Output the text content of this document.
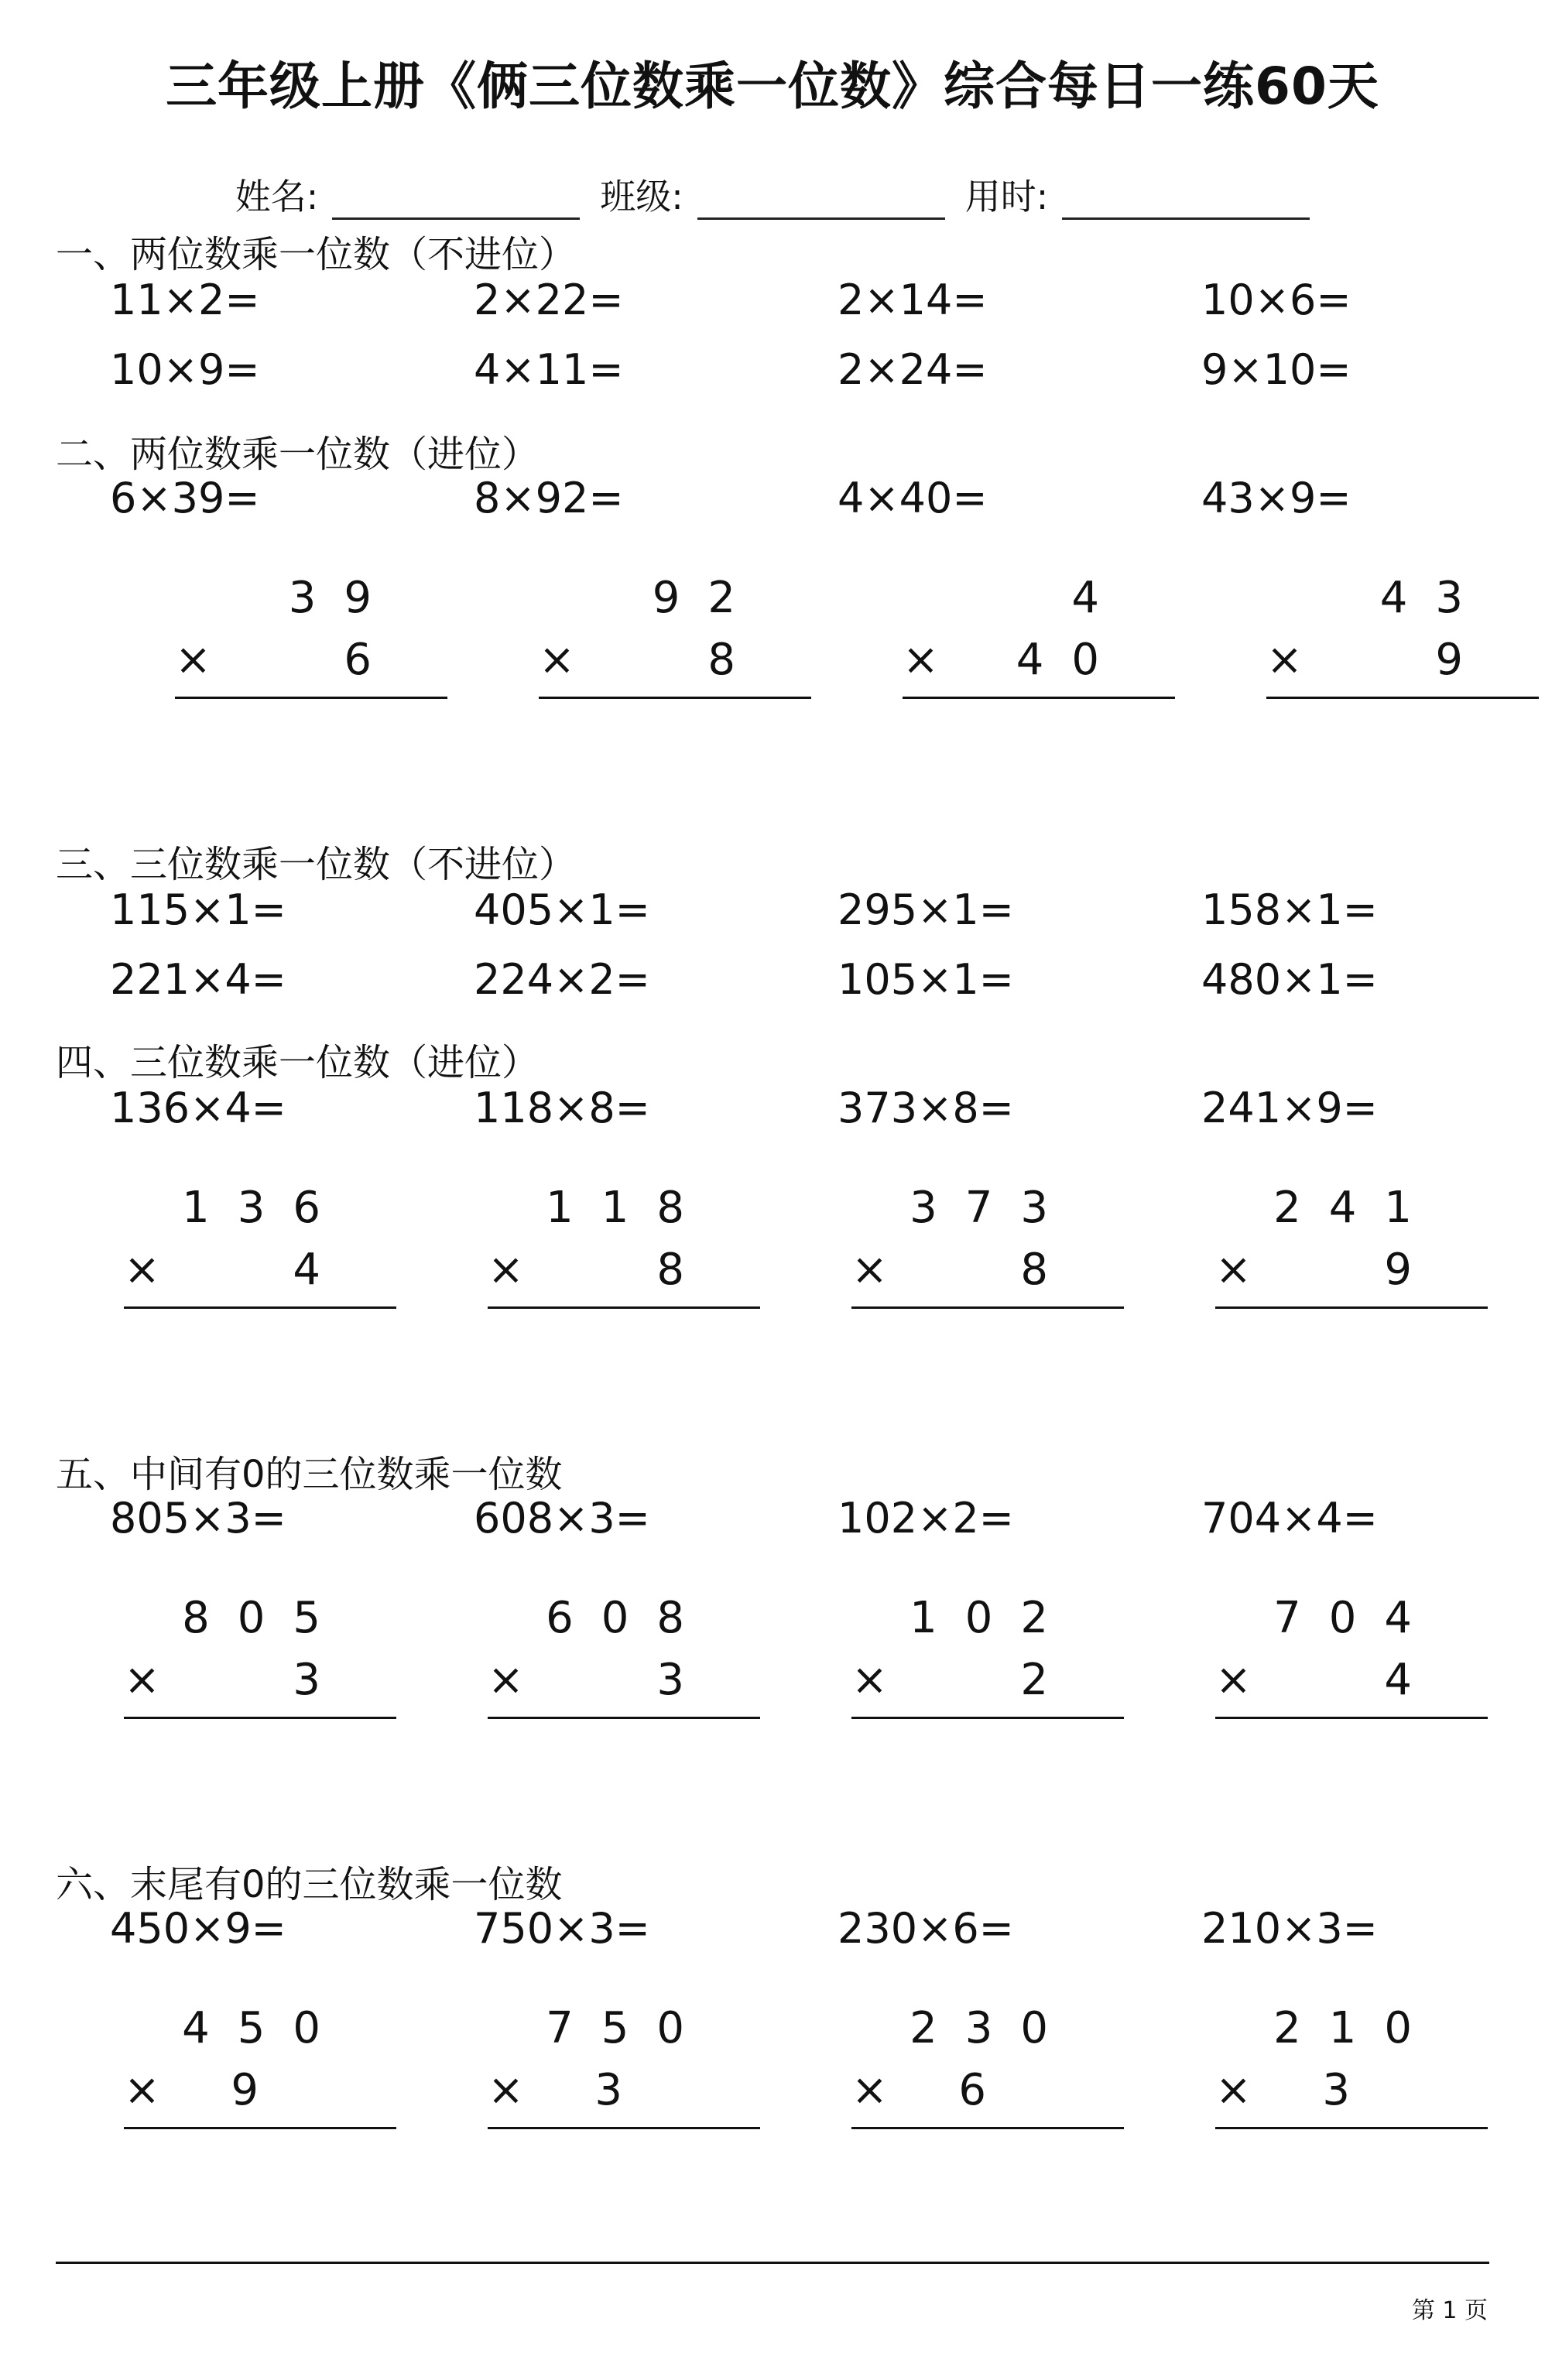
三年级上册《俩三位数乘一位数》综合每日一练60天
姓名:	班级:	用时:
一、两位数乘一位数（不进位）
11×2=	2×22=	2×14=	10×6=
10×9=	4×11=	2×24=	9×10=
二、两位数乘一位数（进位）
6×39=	8×92=	4×40=	43×9=
39
×	6
92
×	8
4
× 40
43
×	9
三、三位数乘一位数（不进位）
115×1=	405×1=	295×1=	158×1=
221×4=	224×2=	105×1=	480×1=
四、三位数乘一位数（进位）
136×4=	118×8=	373×8=	241×9=
136
×	4
118
×	8
373
×	8
241
×	9
五、中间有0的三位数乘一位数
805×3=	608×3=	102×2=	704×4=
805
×	3
608
×	3
102
×	2
704
×	4
六、末尾有0的三位数乘一位数
450×9=	750×3=	230×6=	210×3=
450
× 9
750
× 3
230
× 6
210
× 3
第 1 页
